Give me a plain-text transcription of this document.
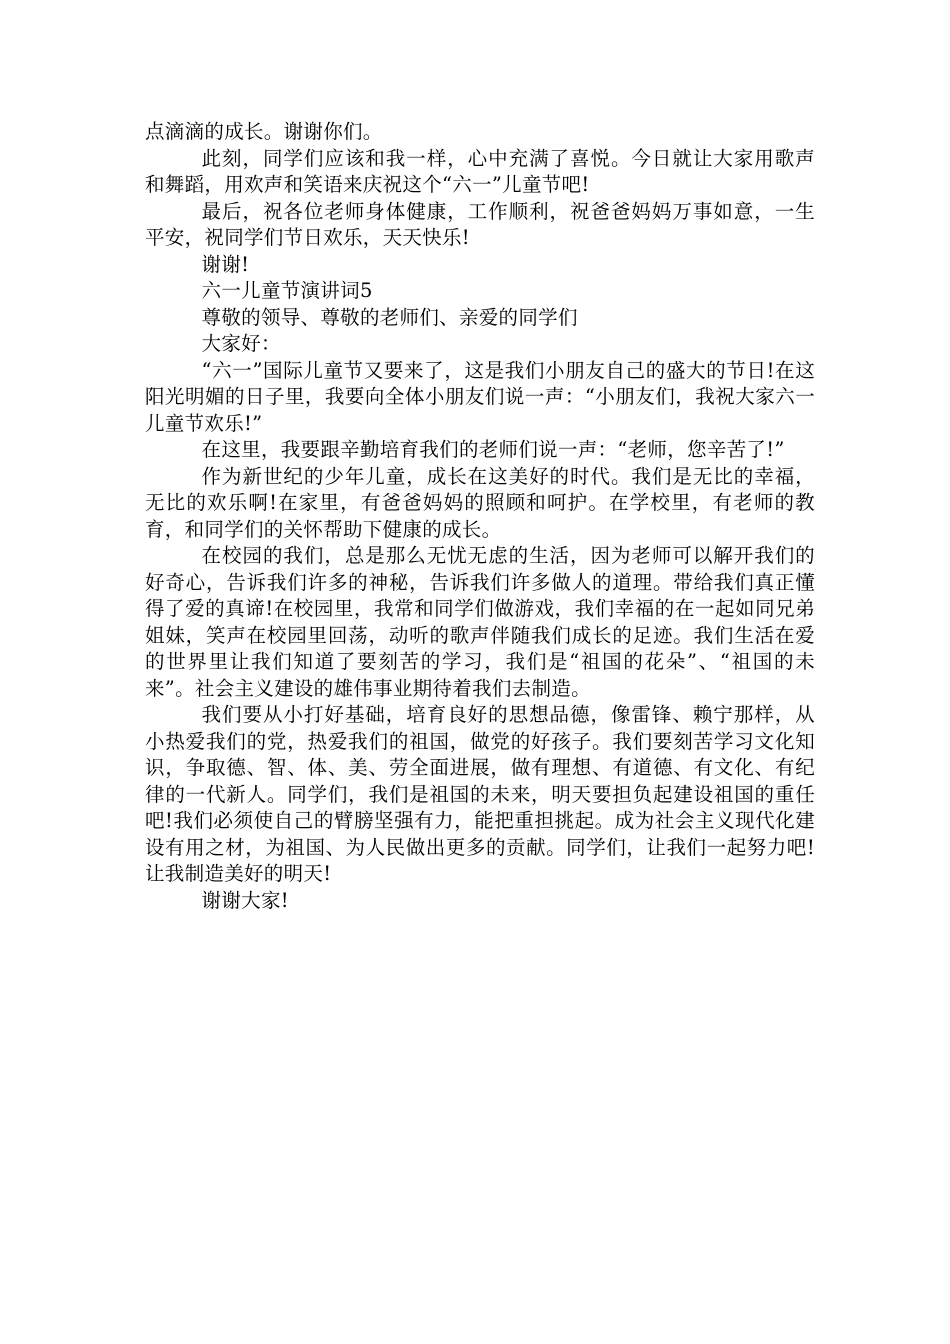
点滴滴的成长。谢谢你们。

此刻，同学们应该和我一样，心中充满了喜悦。今日就让大家用歌声和舞蹈，用欢声和笑语来庆祝这个“六一”儿童节吧!

最后，祝各位老师身体健康，工作顺利，祝爸爸妈妈万事如意，一生平安，祝同学们节日欢乐，天天快乐!

谢谢!

六一儿童节演讲词5

尊敬的领导、尊敬的老师们、亲爱的同学们

大家好：

“六一”国际儿童节又要来了，这是我们小朋友自己的盛大的节日!在这阳光明媚的日子里，我要向全体小朋友们说一声：“小朋友们，我祝大家六一儿童节欢乐!”

在这里，我要跟辛勤培育我们的老师们说一声：“老师，您辛苦了!”

作为新世纪的少年儿童，成长在这美好的时代。我们是无比的幸福，无比的欢乐啊!在家里，有爸爸妈妈的照顾和呵护。在学校里，有老师的教育，和同学们的关怀帮助下健康的成长。

在校园的我们，总是那么无忧无虑的生活，因为老师可以解开我们的好奇心，告诉我们许多的神秘，告诉我们许多做人的道理。带给我们真正懂得了爱的真谛!在校园里，我常和同学们做游戏，我们幸福的在一起如同兄弟姐妹，笑声在校园里回荡，动听的歌声伴随我们成长的足迹。我们生活在爱的世界里让我们知道了要刻苦的学习，我们是“祖国的花朵”、“祖国的未来”。社会主义建设的雄伟事业期待着我们去制造。

我们要从小打好基础，培育良好的思想品德，像雷锋、赖宁那样，从小热爱我们的党，热爱我们的祖国，做党的好孩子。我们要刻苦学习文化知识，争取德、智、体、美、劳全面进展，做有理想、有道德、有文化、有纪律的一代新人。同学们，我们是祖国的未来，明天要担负起建设祖国的重任吧!我们必须使自己的臂膀坚强有力，能把重担挑起。成为社会主义现代化建设有用之材，为祖国、为人民做出更多的贡献。同学们，让我们一起努力吧!让我制造美好的明天!

谢谢大家!
